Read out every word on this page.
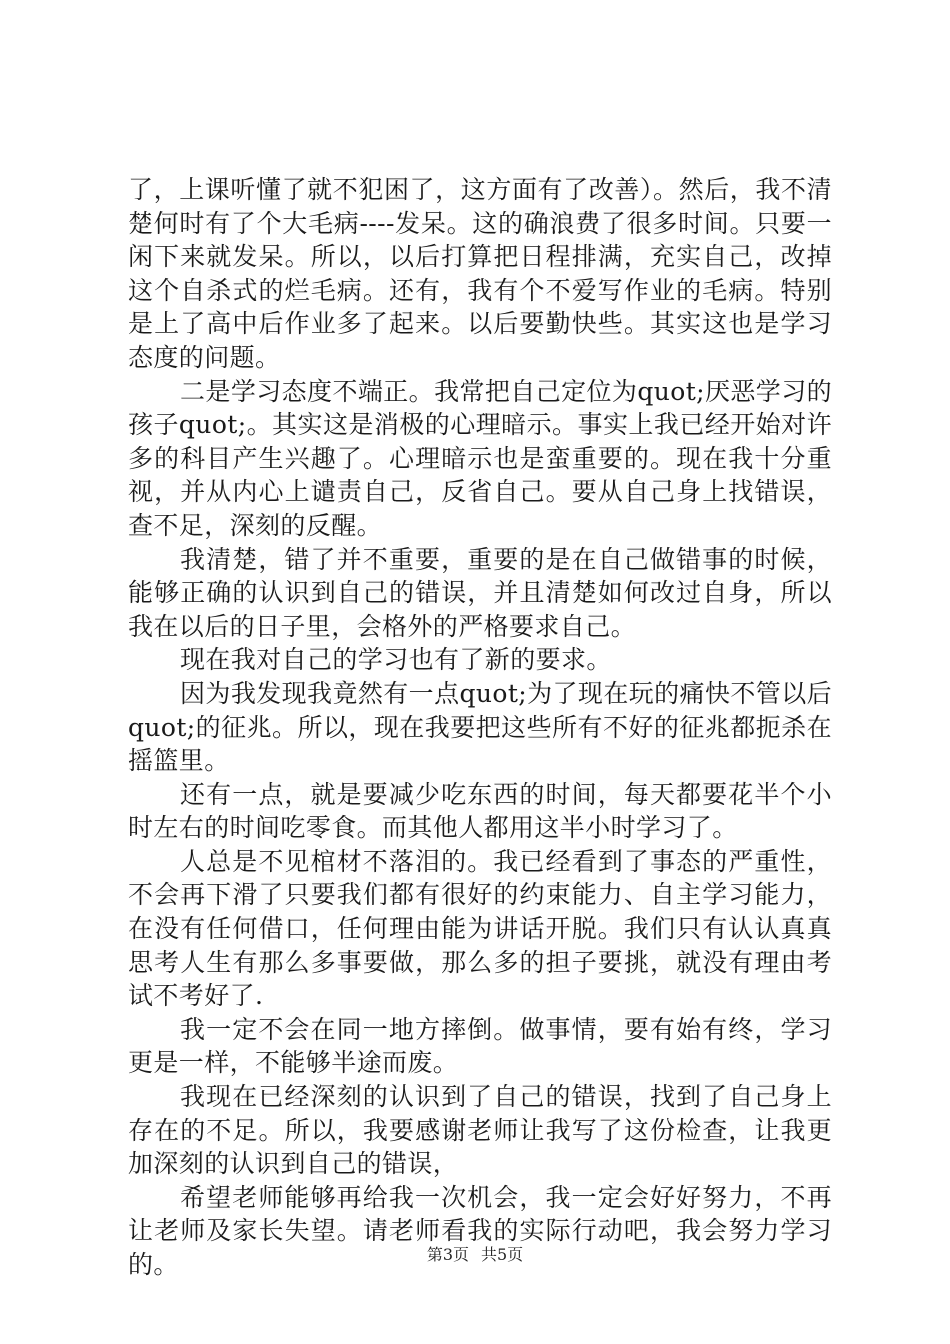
了，上课听懂了就不犯困了，这方面有了改善）。然后，我不清楚何时有了个大毛病----发呆。这的确浪费了很多时间。只要一闲下来就发呆。所以，以后打算把日程排满，充实自己，改掉这个自杀式的烂毛病。还有，我有个不爱写作业的毛病。特别是上了高中后作业多了起来。以后要勤快些。其实这也是学习态度的问题。

二是学习态度不端正。我常把自己定位为quot;厌恶学习的孩子quot;。其实这是消极的心理暗示。事实上我已经开始对许多的科目产生兴趣了。心理暗示也是蛮重要的。现在我十分重视，并从内心上谴责自己，反省自己。要从自己身上找错误，查不足，深刻的反醒。

我清楚，错了并不重要，重要的是在自己做错事的时候，能够正确的认识到自己的错误，并且清楚如何改过自身，所以我在以后的日子里，会格外的严格要求自己。

现在我对自己的学习也有了新的要求。

因为我发现我竟然有一点quot;为了现在玩的痛快不管以后quot;的征兆。所以，现在我要把这些所有不好的征兆都扼杀在摇篮里。

还有一点，就是要减少吃东西的时间，每天都要花半个小时左右的时间吃零食。而其他人都用这半小时学习了。

人总是不见棺材不落泪的。我已经看到了事态的严重性，不会再下滑了只要我们都有很好的约束能力、自主学习能力，在没有任何借口，任何理由能为讲话开脱。我们只有认认真真思考人生有那么多事要做，那么多的担子要挑，就没有理由考试不考好了.

我一定不会在同一地方摔倒。做事情，要有始有终，学习更是一样，不能够半途而废。

我现在已经深刻的认识到了自己的错误，找到了自己身上存在的不足。所以，我要感谢老师让我写了这份检查，让我更加深刻的认识到自己的错误，

希望老师能够再给我一次机会，我一定会好好努力，不再让老师及家长失望。请老师看我的实际行动吧，我会努力学习的。	第3页 共5页
